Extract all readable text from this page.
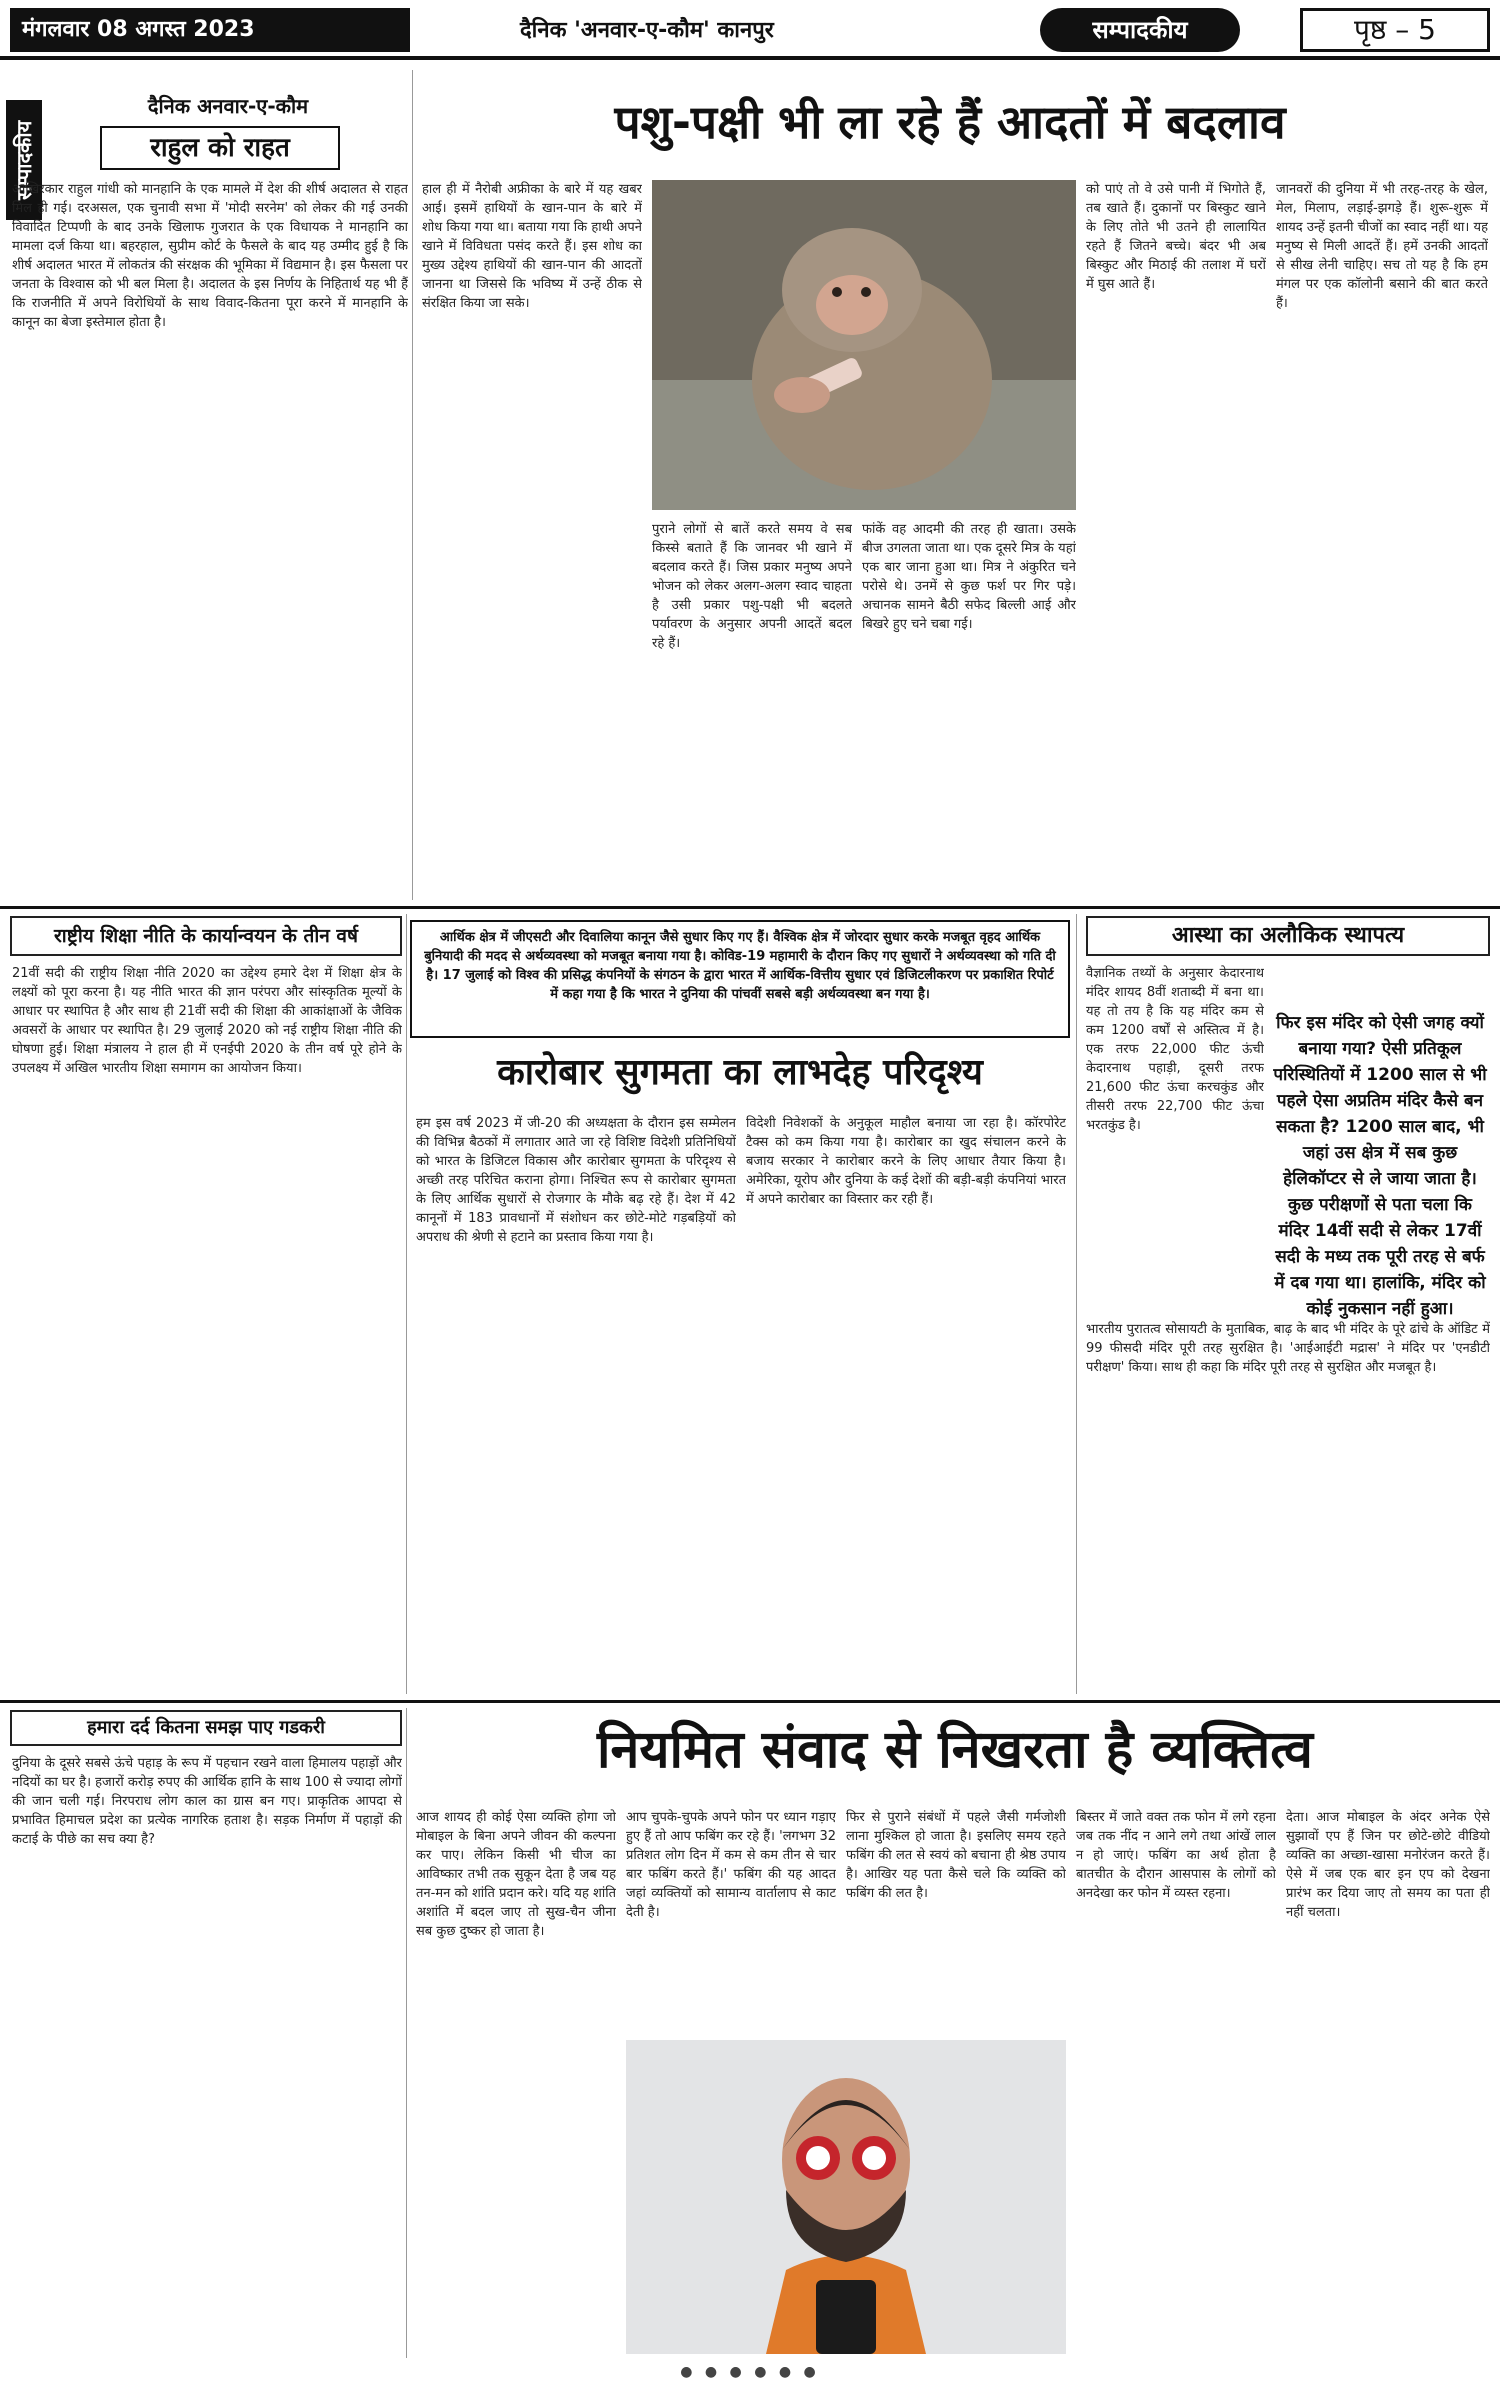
मंगलवार 08 अगस्त 2023	दैनिक 'अनवार-ए-कौम' कानपुर	सम्पादकीय	पृष्ठ – 5
सम्पादकीय
दैनिक अनवार-ए-कौम
राहुल को राहत
आखिरकार राहुल गांधी को मानहानि के एक मामले में देश की शीर्ष अदालत से राहत मिल ही गई। दरअसल, एक चुनावी सभा में 'मोदी सरनेम' को लेकर की गई उनकी विवादित टिप्पणी के बाद उनके खिलाफ गुजरात के एक विधायक ने मानहानि का मामला दर्ज किया था। बहरहाल, सुप्रीम कोर्ट के फैसले के बाद यह उम्मीद हुई है कि शीर्ष अदालत भारत में लोकतंत्र की संरक्षक की भूमिका में विद्यमान है। इस फैसला पर जनता के विश्वास को भी बल मिला है। अदालत के इस निर्णय के निहितार्थ यह भी हैं कि राजनीति में अपने विरोधियों के साथ विवाद-कितना पूरा करने में मानहानि के कानून का बेजा इस्तेमाल होता है।
पशु-पक्षी भी ला रहे हैं आदतों में बदलाव
हाल ही में नैरोबी अफ्रीका के बारे में यह खबर आई। इसमें हाथियों के खान-पान के बारे में शोध किया गया था। बताया गया कि हाथी अपने खाने में विविधता पसंद करते हैं। इस शोध का मुख्य उद्देश्य हाथियों की खान-पान की आदतों जानना था जिससे कि भविष्य में उन्हें ठीक से संरक्षित किया जा सके।
पुराने लोगों से बातें करते समय वे सब किस्से बताते हैं कि जानवर भी खाने में बदलाव करते हैं। जिस प्रकार मनुष्य अपने भोजन को लेकर अलग-अलग स्वाद चाहता है उसी प्रकार पशु-पक्षी भी बदलते पर्यावरण के अनुसार अपनी आदतें बदल रहे हैं।
फांकें वह आदमी की तरह ही खाता। उसके बीज उगलता जाता था। एक दूसरे मित्र के यहां एक बार जाना हुआ था। मित्र ने अंकुरित चने परोसे थे। उनमें से कुछ फर्श पर गिर पड़े। अचानक सामने बैठी सफेद बिल्ली आई और बिखरे हुए चने चबा गई।
को पाएं तो वे उसे पानी में भिगोते हैं, तब खाते हैं। दुकानों पर बिस्कुट खाने के लिए तोते भी उतने ही लालायित रहते हैं जितने बच्चे। बंदर भी अब बिस्कुट और मिठाई की तलाश में घरों में घुस आते हैं।
जानवरों की दुनिया में भी तरह-तरह के खेल, मेल, मिलाप, लड़ाई-झगड़े हैं। शुरू-शुरू में शायद उन्हें इतनी चीजों का स्वाद नहीं था। यह मनुष्य से मिली आदतें हैं। हमें उनकी आदतों से सीख लेनी चाहिए। सच तो यह है कि हम मंगल पर एक कॉलोनी बसाने की बात करते हैं।
राष्ट्रीय शिक्षा नीति के कार्यान्वयन के तीन वर्ष
21वीं सदी की राष्ट्रीय शिक्षा नीति 2020 का उद्देश्य हमारे देश में शिक्षा क्षेत्र के लक्ष्यों को पूरा करना है। यह नीति भारत की ज्ञान परंपरा और सांस्कृतिक मूल्यों के आधार पर स्थापित है और साथ ही 21वीं सदी की शिक्षा की आकांक्षाओं के जैविक अवसरों के आधार पर स्थापित है। 29 जुलाई 2020 को नई राष्ट्रीय शिक्षा नीति की घोषणा हुई। शिक्षा मंत्रालय ने हाल ही में एनईपी 2020 के तीन वर्ष पूरे होने के उपलक्ष्य में अखिल भारतीय शिक्षा समागम का आयोजन किया।
आर्थिक क्षेत्र में जीएसटी और दिवालिया कानून जैसे सुधार किए गए हैं। वैश्विक क्षेत्र में जोरदार सुधार करके मजबूत वृहद आर्थिक बुनियादी की मदद से अर्थव्यवस्था को मजबूत बनाया गया है। कोविड-19 महामारी के दौरान किए गए सुधारों ने अर्थव्यवस्था को गति दी है। 17 जुलाई को विश्व की प्रसिद्ध कंपनियों के संगठन के द्वारा भारत में आर्थिक-वित्तीय सुधार एवं डिजिटलीकरण पर प्रकाशित रिपोर्ट में कहा गया है कि भारत ने दुनिया की पांचवीं सबसे बड़ी अर्थव्यवस्था बन गया है।
कारोबार सुगमता का लाभदेह परिदृश्य
हम इस वर्ष 2023 में जी-20 की अध्यक्षता के दौरान इस सम्मेलन की विभिन्न बैठकों में लगातार आते जा रहे विशिष्ट विदेशी प्रतिनिधियों को भारत के डिजिटल विकास और कारोबार सुगमता के परिदृश्य से अच्छी तरह परिचित कराना होगा। निश्चित रूप से कारोबार सुगमता के लिए आर्थिक सुधारों से रोजगार के मौके बढ़ रहे हैं। देश में 42 कानूनों में 183 प्रावधानों में संशोधन कर छोटे-मोटे गड़बड़ियों को अपराध की श्रेणी से हटाने का प्रस्ताव किया गया है।
विदेशी निवेशकों के अनुकूल माहौल बनाया जा रहा है। कॉरपोरेट टैक्स को कम किया गया है। कारोबार का खुद संचालन करने के बजाय सरकार ने कारोबार करने के लिए आधार तैयार किया है। अमेरिका, यूरोप और दुनिया के कई देशों की बड़ी-बड़ी कंपनियां भारत में अपने कारोबार का विस्तार कर रही हैं।
आस्था का अलौकिक स्थापत्य
वैज्ञानिक तथ्यों के अनुसार केदारनाथ मंदिर शायद 8वीं शताब्दी में बना था। यह तो तय है कि यह मंदिर कम से कम 1200 वर्षों से अस्तित्व में है। एक तरफ 22,000 फीट ऊंची केदारनाथ पहाड़ी, दूसरी तरफ 21,600 फीट ऊंचा करचकुंड और तीसरी तरफ 22,700 फीट ऊंचा भरतकुंड है।
फिर इस मंदिर को ऐसी जगह क्यों बनाया गया? ऐसी प्रतिकूल परिस्थितियों में 1200 साल से भी पहले ऐसा अप्रतिम मंदिर कैसे बन सकता है? 1200 साल बाद, भी जहां उस क्षेत्र में सब कुछ हेलिकॉप्टर से ले जाया जाता है। कुछ परीक्षणों से पता चला कि मंदिर 14वीं सदी से लेकर 17वीं सदी के मध्य तक पूरी तरह से बर्फ में दब गया था। हालांकि, मंदिर को कोई नुकसान नहीं हुआ।
भारतीय पुरातत्व सोसायटी के मुताबिक, बाढ़ के बाद भी मंदिर के पूरे ढांचे के ऑडिट में 99 फीसदी मंदिर पूरी तरह सुरक्षित है। 'आईआईटी मद्रास' ने मंदिर पर 'एनडीटी परीक्षण' किया। साथ ही कहा कि मंदिर पूरी तरह से सुरक्षित और मजबूत है।
हमारा दर्द कितना समझ पाए गडकरी
दुनिया के दूसरे सबसे ऊंचे पहाड़ के रूप में पहचान रखने वाला हिमालय पहाड़ों और नदियों का घर है। हजारों करोड़ रुपए की आर्थिक हानि के साथ 100 से ज्यादा लोगों की जान चली गई। निरपराध लोग काल का ग्रास बन गए। प्राकृतिक आपदा से प्रभावित हिमाचल प्रदेश का प्रत्येक नागरिक हताश है। सड़क निर्माण में पहाड़ों की कटाई के पीछे का सच क्या है?
नियमित संवाद से निखरता है व्यक्तित्व
आज शायद ही कोई ऐसा व्यक्ति होगा जो मोबाइल के बिना अपने जीवन की कल्पना कर पाए। लेकिन किसी भी चीज का आविष्कार तभी तक सुकून देता है जब यह तन-मन को शांति प्रदान करे। यदि यह शांति अशांति में बदल जाए तो सुख-चैन जीना सब कुछ दुष्कर हो जाता है।
आप चुपके-चुपके अपने फोन पर ध्यान गड़ाए हुए हैं तो आप फबिंग कर रहे हैं। 'लगभग 32 प्रतिशत लोग दिन में कम से कम तीन से चार बार फबिंग करते हैं।' फबिंग की यह आदत जहां व्यक्तियों को सामान्य वार्तालाप से काट देती है।
फिर से पुराने संबंधों में पहले जैसी गर्मजोशी लाना मुश्किल हो जाता है। इसलिए समय रहते फबिंग की लत से स्वयं को बचाना ही श्रेष्ठ उपाय है। आखिर यह पता कैसे चले कि व्यक्ति को फबिंग की लत है।
बिस्तर में जाते वक्त तक फोन में लगे रहना जब तक नींद न आने लगे तथा आंखें लाल न हो जाएं। फबिंग का अर्थ होता है बातचीत के दौरान आसपास के लोगों को अनदेखा कर फोन में व्यस्त रहना।
देता। आज मोबाइल के अंदर अनेक ऐसे सुझावों एप हैं जिन पर छोटे-छोटे वीडियो व्यक्ति का अच्छा-खासा मनोरंजन करते हैं। ऐसे में जब एक बार इन एप को देखना प्रारंभ कर दिया जाए तो समय का पता ही नहीं चलता।
● ● ● ● ● ●
